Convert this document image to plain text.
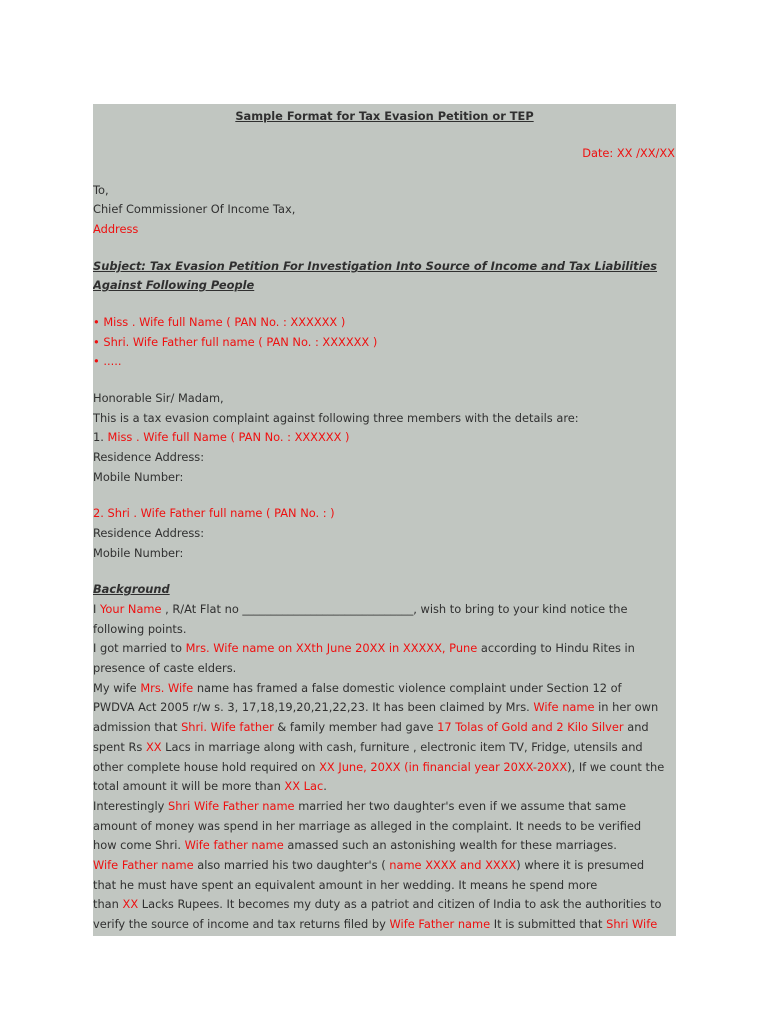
Sample Format for Tax Evasion Petition or TEP
Date: XX /XX/XX
To,
Chief Commissioner Of Income Tax,
Address
Subject: Tax Evasion Petition For Investigation Into Source of Income and Tax Liabilities
Against Following People
• Miss . Wife full Name ( PAN No. : XXXXXX )
• Shri. Wife Father full name ( PAN No. : XXXXXX )
• .....
Honorable Sir/ Madam,
This is a tax evasion complaint against following three members with the details are:
1. Miss . Wife full Name ( PAN No. : XXXXXX )
Residence Address:
Mobile Number:
2. Shri . Wife Father full name ( PAN No. : )
Residence Address:
Mobile Number:
Background
I Your Name , R/At Flat no ______________________________, wish to bring to your kind notice the
following points.
I got married to Mrs. Wife name on XXth June 20XX in XXXXX, Pune according to Hindu Rites in
presence of caste elders.
My wife Mrs. Wife name has framed a false domestic violence complaint under Section 12 of
PWDVA Act 2005 r/w s. 3, 17,18,19,20,21,22,23. It has been claimed by Mrs. Wife name in her own
admission that Shri. Wife father & family member had gave 17 Tolas of Gold and 2 Kilo Silver and
spent Rs XX Lacs in marriage along with cash, furniture , electronic item TV, Fridge, utensils and
other complete house hold required on XX June, 20XX (in financial year 20XX-20XX), If we count the
total amount it will be more than XX Lac.
Interestingly Shri Wife Father name married her two daughter's even if we assume that same
amount of money was spend in her marriage as alleged in the complaint. It needs to be verified
how come Shri. Wife father name amassed such an astonishing wealth for these marriages.
Wife Father name also married his two daughter's ( name XXXX and XXXX) where it is presumed
that he must have spent an equivalent amount in her wedding. It means he spend more
than XX Lacks Rupees. It becomes my duty as a patriot and citizen of India to ask the authorities to
verify the source of income and tax returns filed by Wife Father name It is submitted that Shri Wife
